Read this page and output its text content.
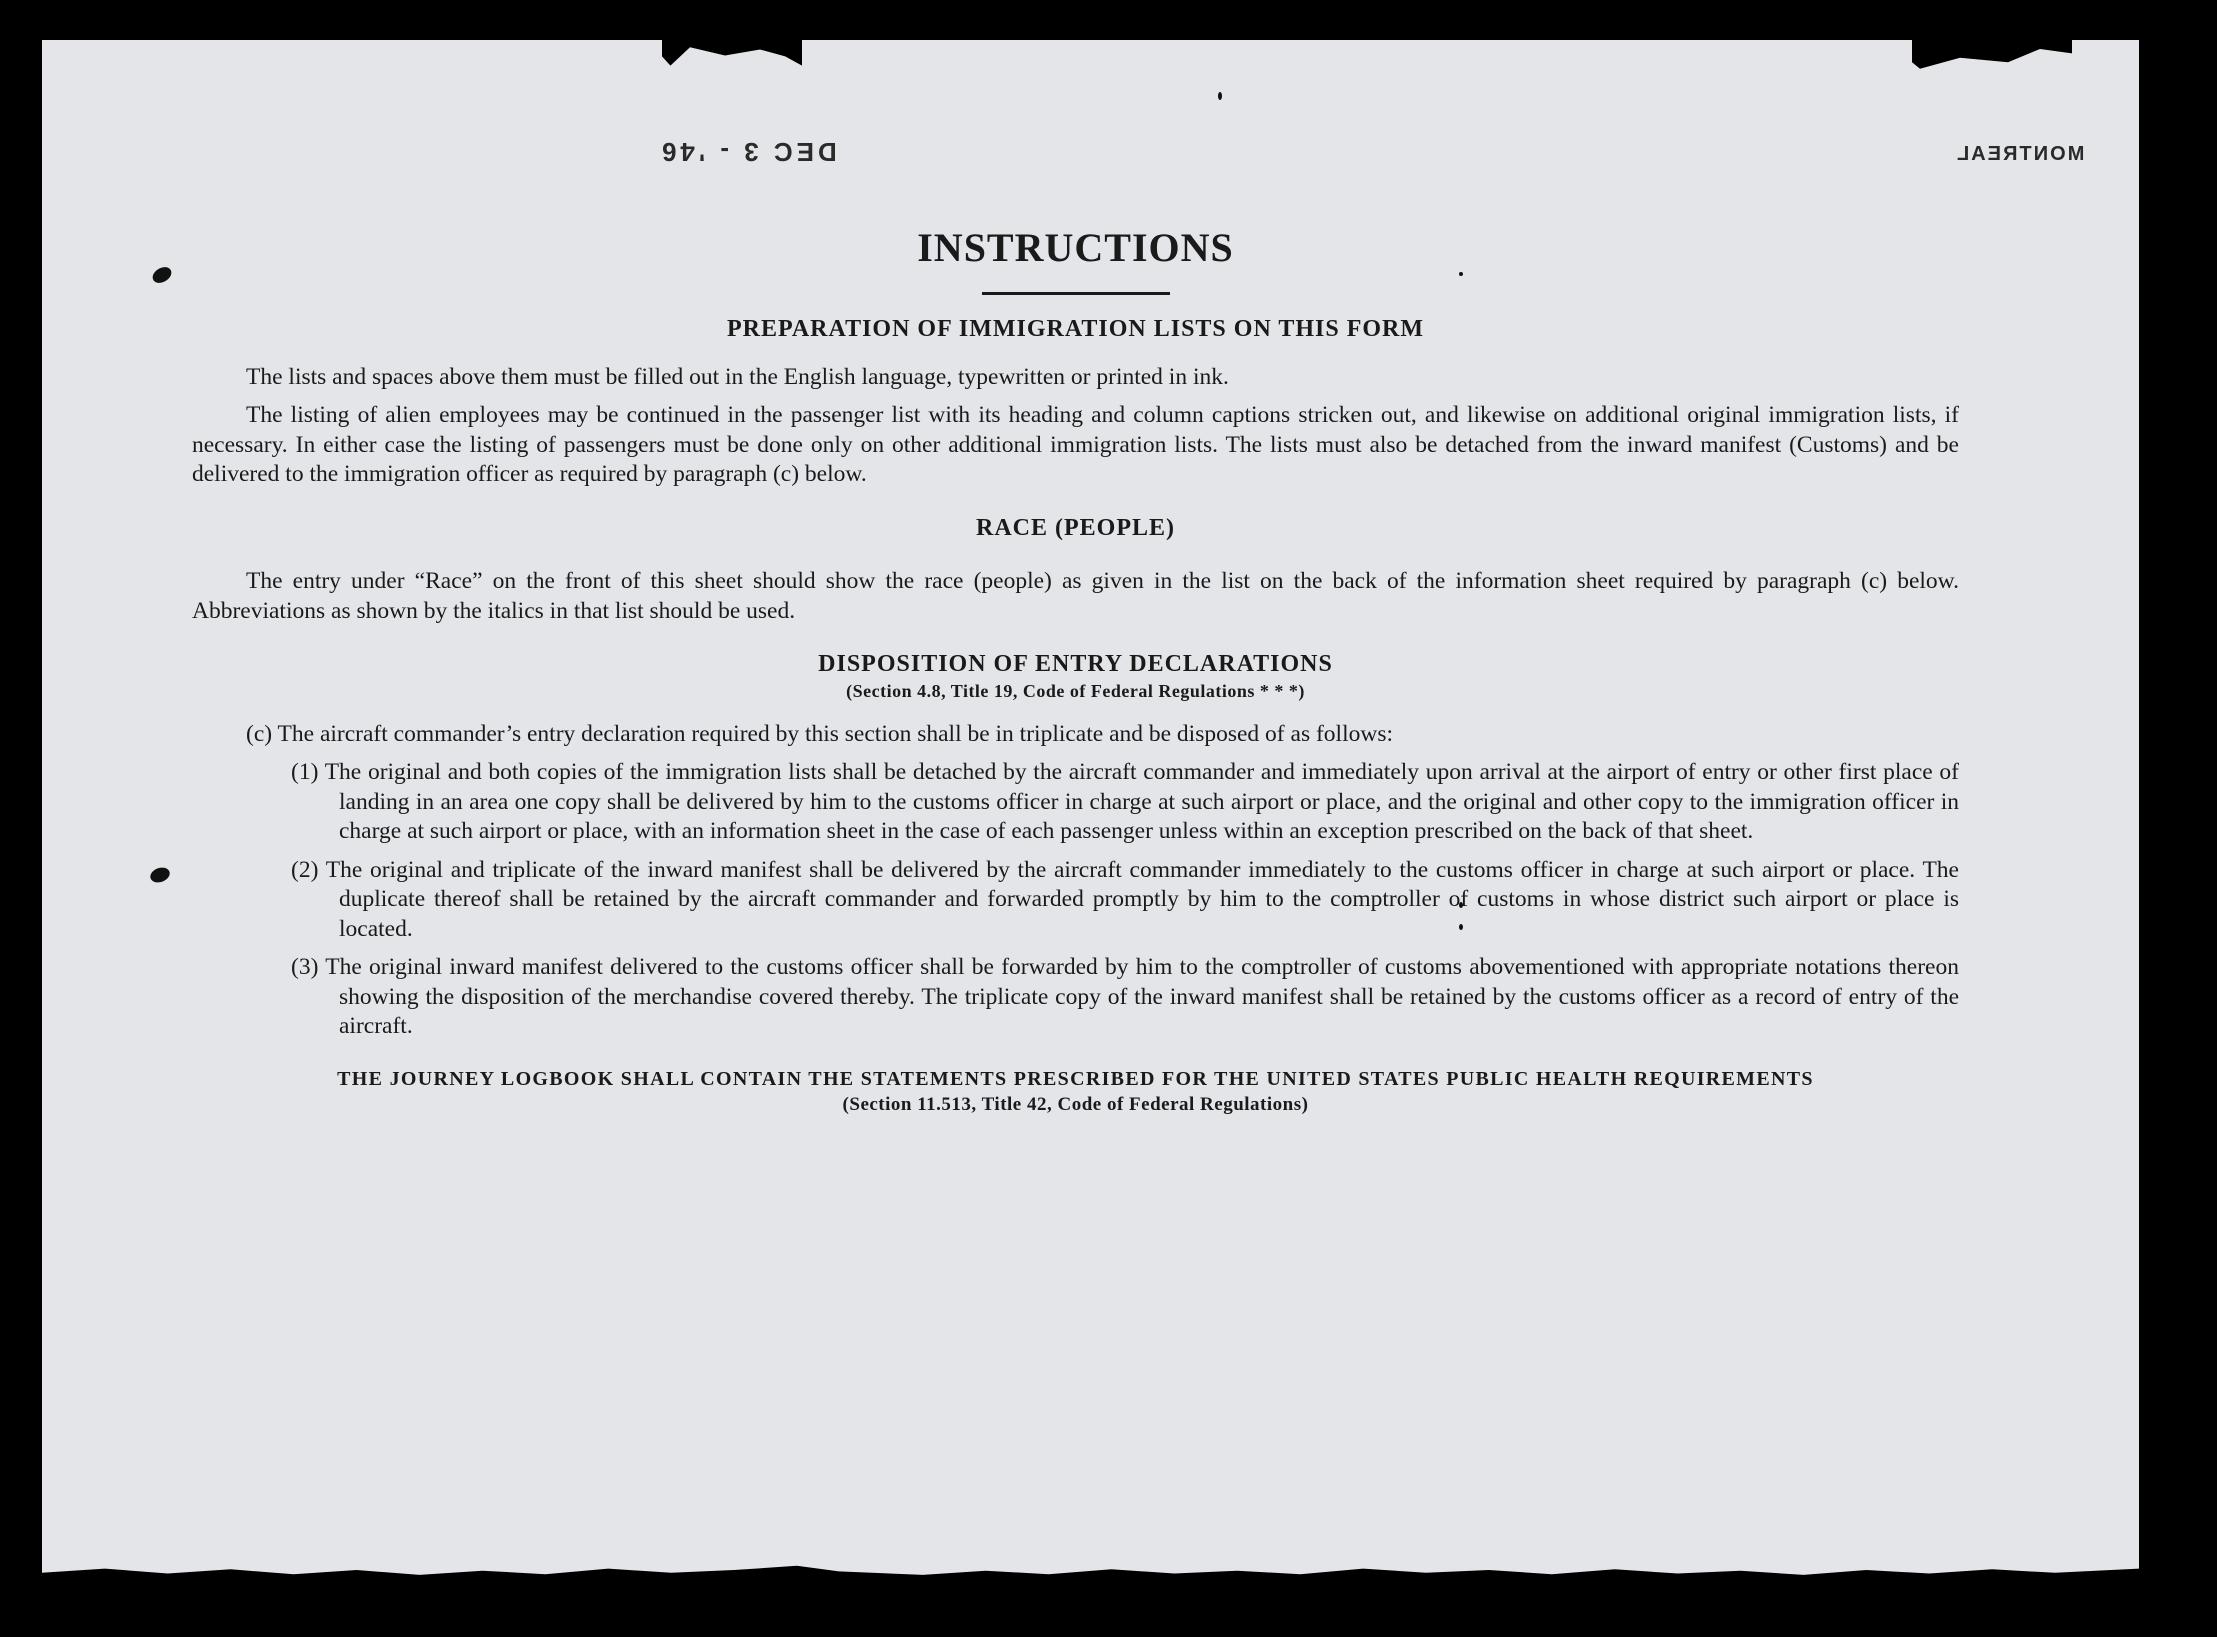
DEC 3 - '46	MONTREAL
INSTRUCTIONS
PREPARATION OF IMMIGRATION LISTS ON THIS FORM

The lists and spaces above them must be filled out in the English language, typewritten or printed in ink.

The listing of alien employees may be continued in the passenger list with its heading and column captions stricken out, and likewise on additional original immigration lists, if necessary. In either case the listing of passengers must be done only on other additional immigration lists. The lists must also be detached from the inward manifest (Customs) and be delivered to the immigration officer as required by paragraph (c) below.

RACE (PEOPLE)

The entry under “Race” on the front of this sheet should show the race (people) as given in the list on the back of the information sheet required by paragraph (c) below. Abbreviations as shown by the italics in that list should be used.

DISPOSITION OF ENTRY DECLARATIONS
(Section 4.8, Title 19, Code of Federal Regulations * * *)

(c) The aircraft commander’s entry declaration required by this section shall be in triplicate and be disposed of as follows:

(1) The original and both copies of the immigration lists shall be detached by the aircraft commander and immediately upon arrival at the airport of entry or other first place of landing in an area one copy shall be delivered by him to the customs officer in charge at such airport or place, and the original and other copy to the immigration officer in charge at such airport or place, with an information sheet in the case of each passenger unless within an exception prescribed on the back of that sheet.
(2) The original and triplicate of the inward manifest shall be delivered by the aircraft commander immediately to the customs officer in charge at such airport or place. The duplicate thereof shall be retained by the aircraft commander and forwarded promptly by him to the comptroller of customs in whose district such airport or place is located.
(3) The original inward manifest delivered to the customs officer shall be forwarded by him to the comptroller of customs abovementioned with appropriate notations thereon showing the disposition of the merchandise covered thereby. The triplicate copy of the inward manifest shall be retained by the customs officer as a record of entry of the aircraft.
THE JOURNEY LOGBOOK SHALL CONTAIN THE STATEMENTS PRESCRIBED FOR THE UNITED STATES PUBLIC HEALTH REQUIREMENTS
(Section 11.513, Title 42, Code of Federal Regulations)
